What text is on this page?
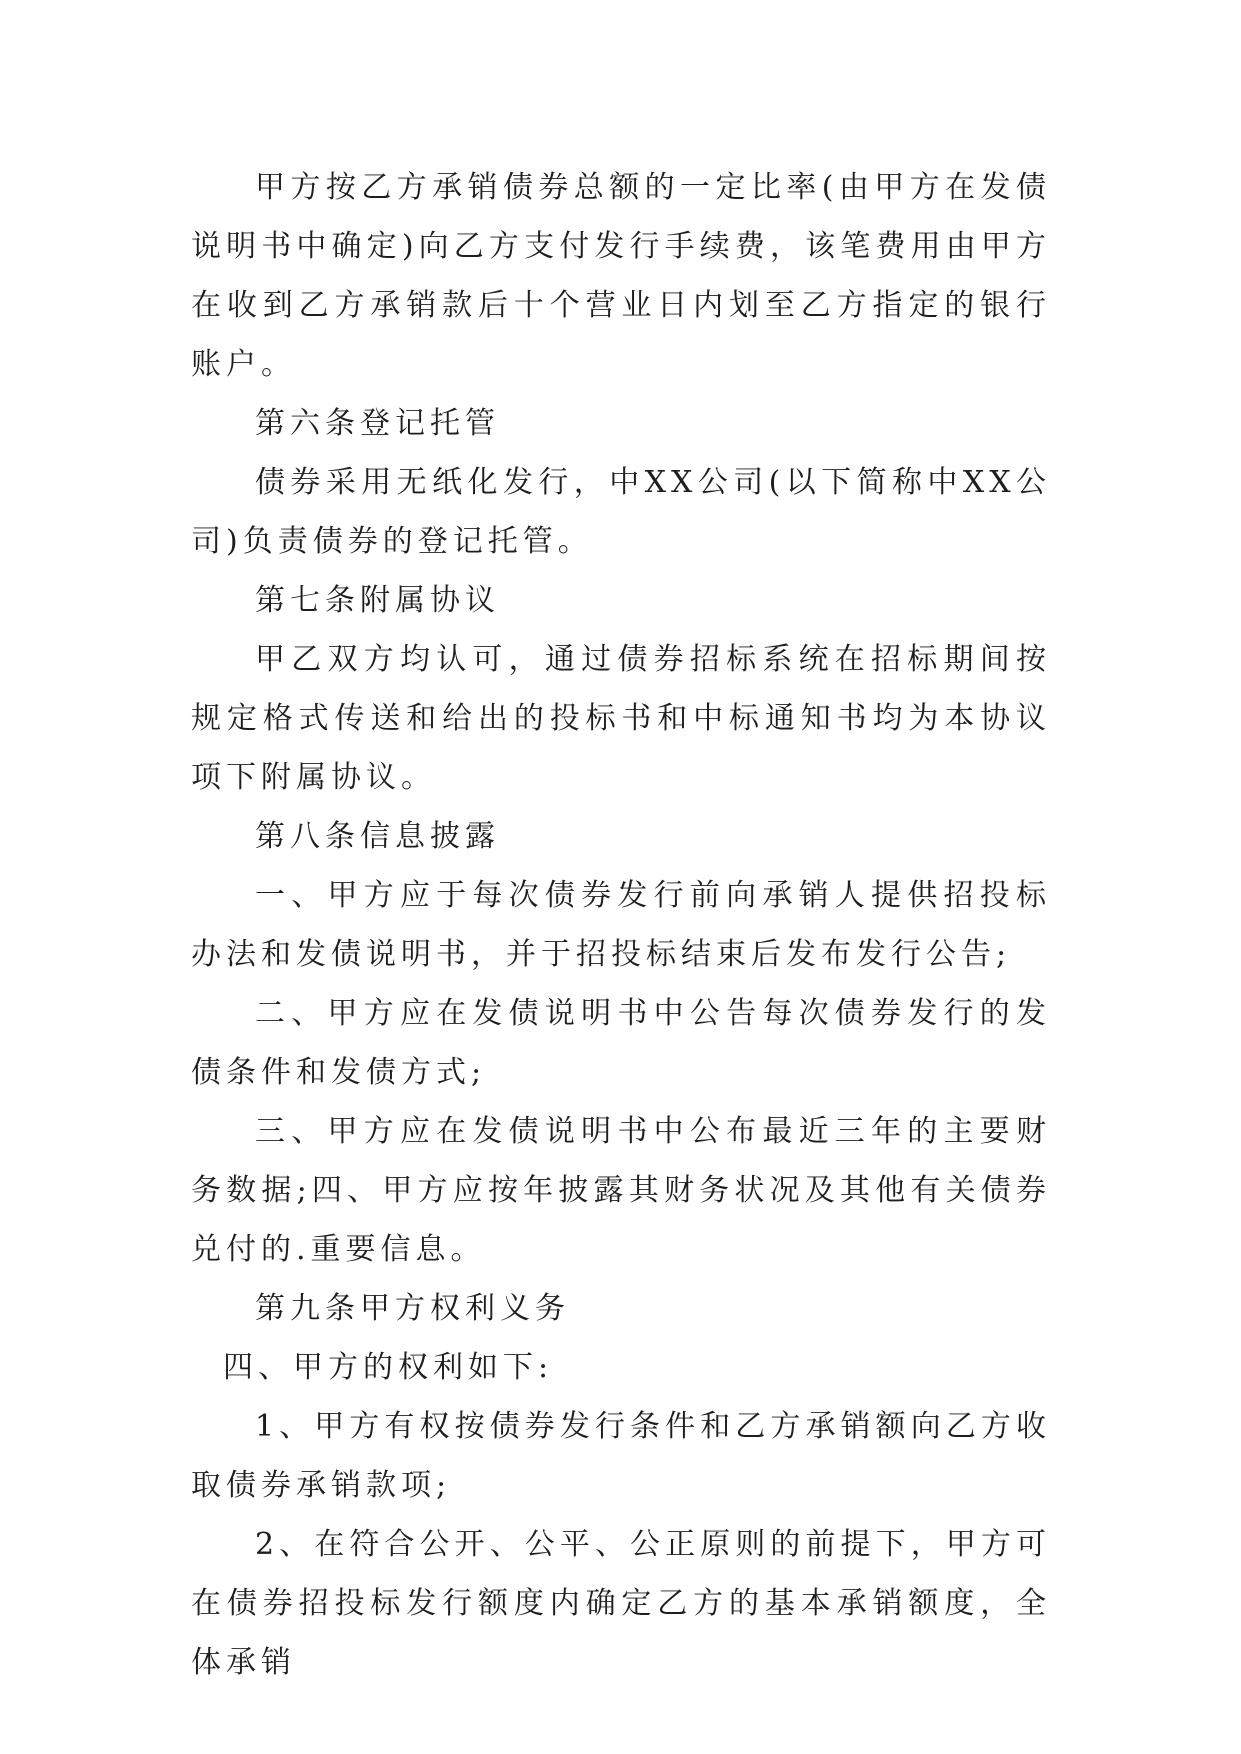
甲方按乙方承销债券总额的一定比率(由甲方在发债说明书中确定)向乙方支付发行手续费，该笔费用由甲方在收到乙方承销款后十个营业日内划至乙方指定的银行账户。

第六条登记托管

债券采用无纸化发行，中XX公司(以下简称中XX公司)负责债券的登记托管。

第七条附属协议

甲乙双方均认可，通过债券招标系统在招标期间按规定格式传送和给出的投标书和中标通知书均为本协议项下附属协议。

第八条信息披露

一、甲方应于每次债券发行前向承销人提供招投标办法和发债说明书，并于招投标结束后发布发行公告;

二、甲方应在发债说明书中公告每次债券发行的发债条件和发债方式;

三、甲方应在发债说明书中公布最近三年的主要财务数据;四、甲方应按年披露其财务状况及其他有关债券兑付的.重要信息。

第九条甲方权利义务

四、甲方的权利如下:

1、甲方有权按债券发行条件和乙方承销额向乙方收取债券承销款项;

2、在符合公开、公平、公正原则的前提下，甲方可在债券招投标发行额度内确定乙方的基本承销额度，全体承销
